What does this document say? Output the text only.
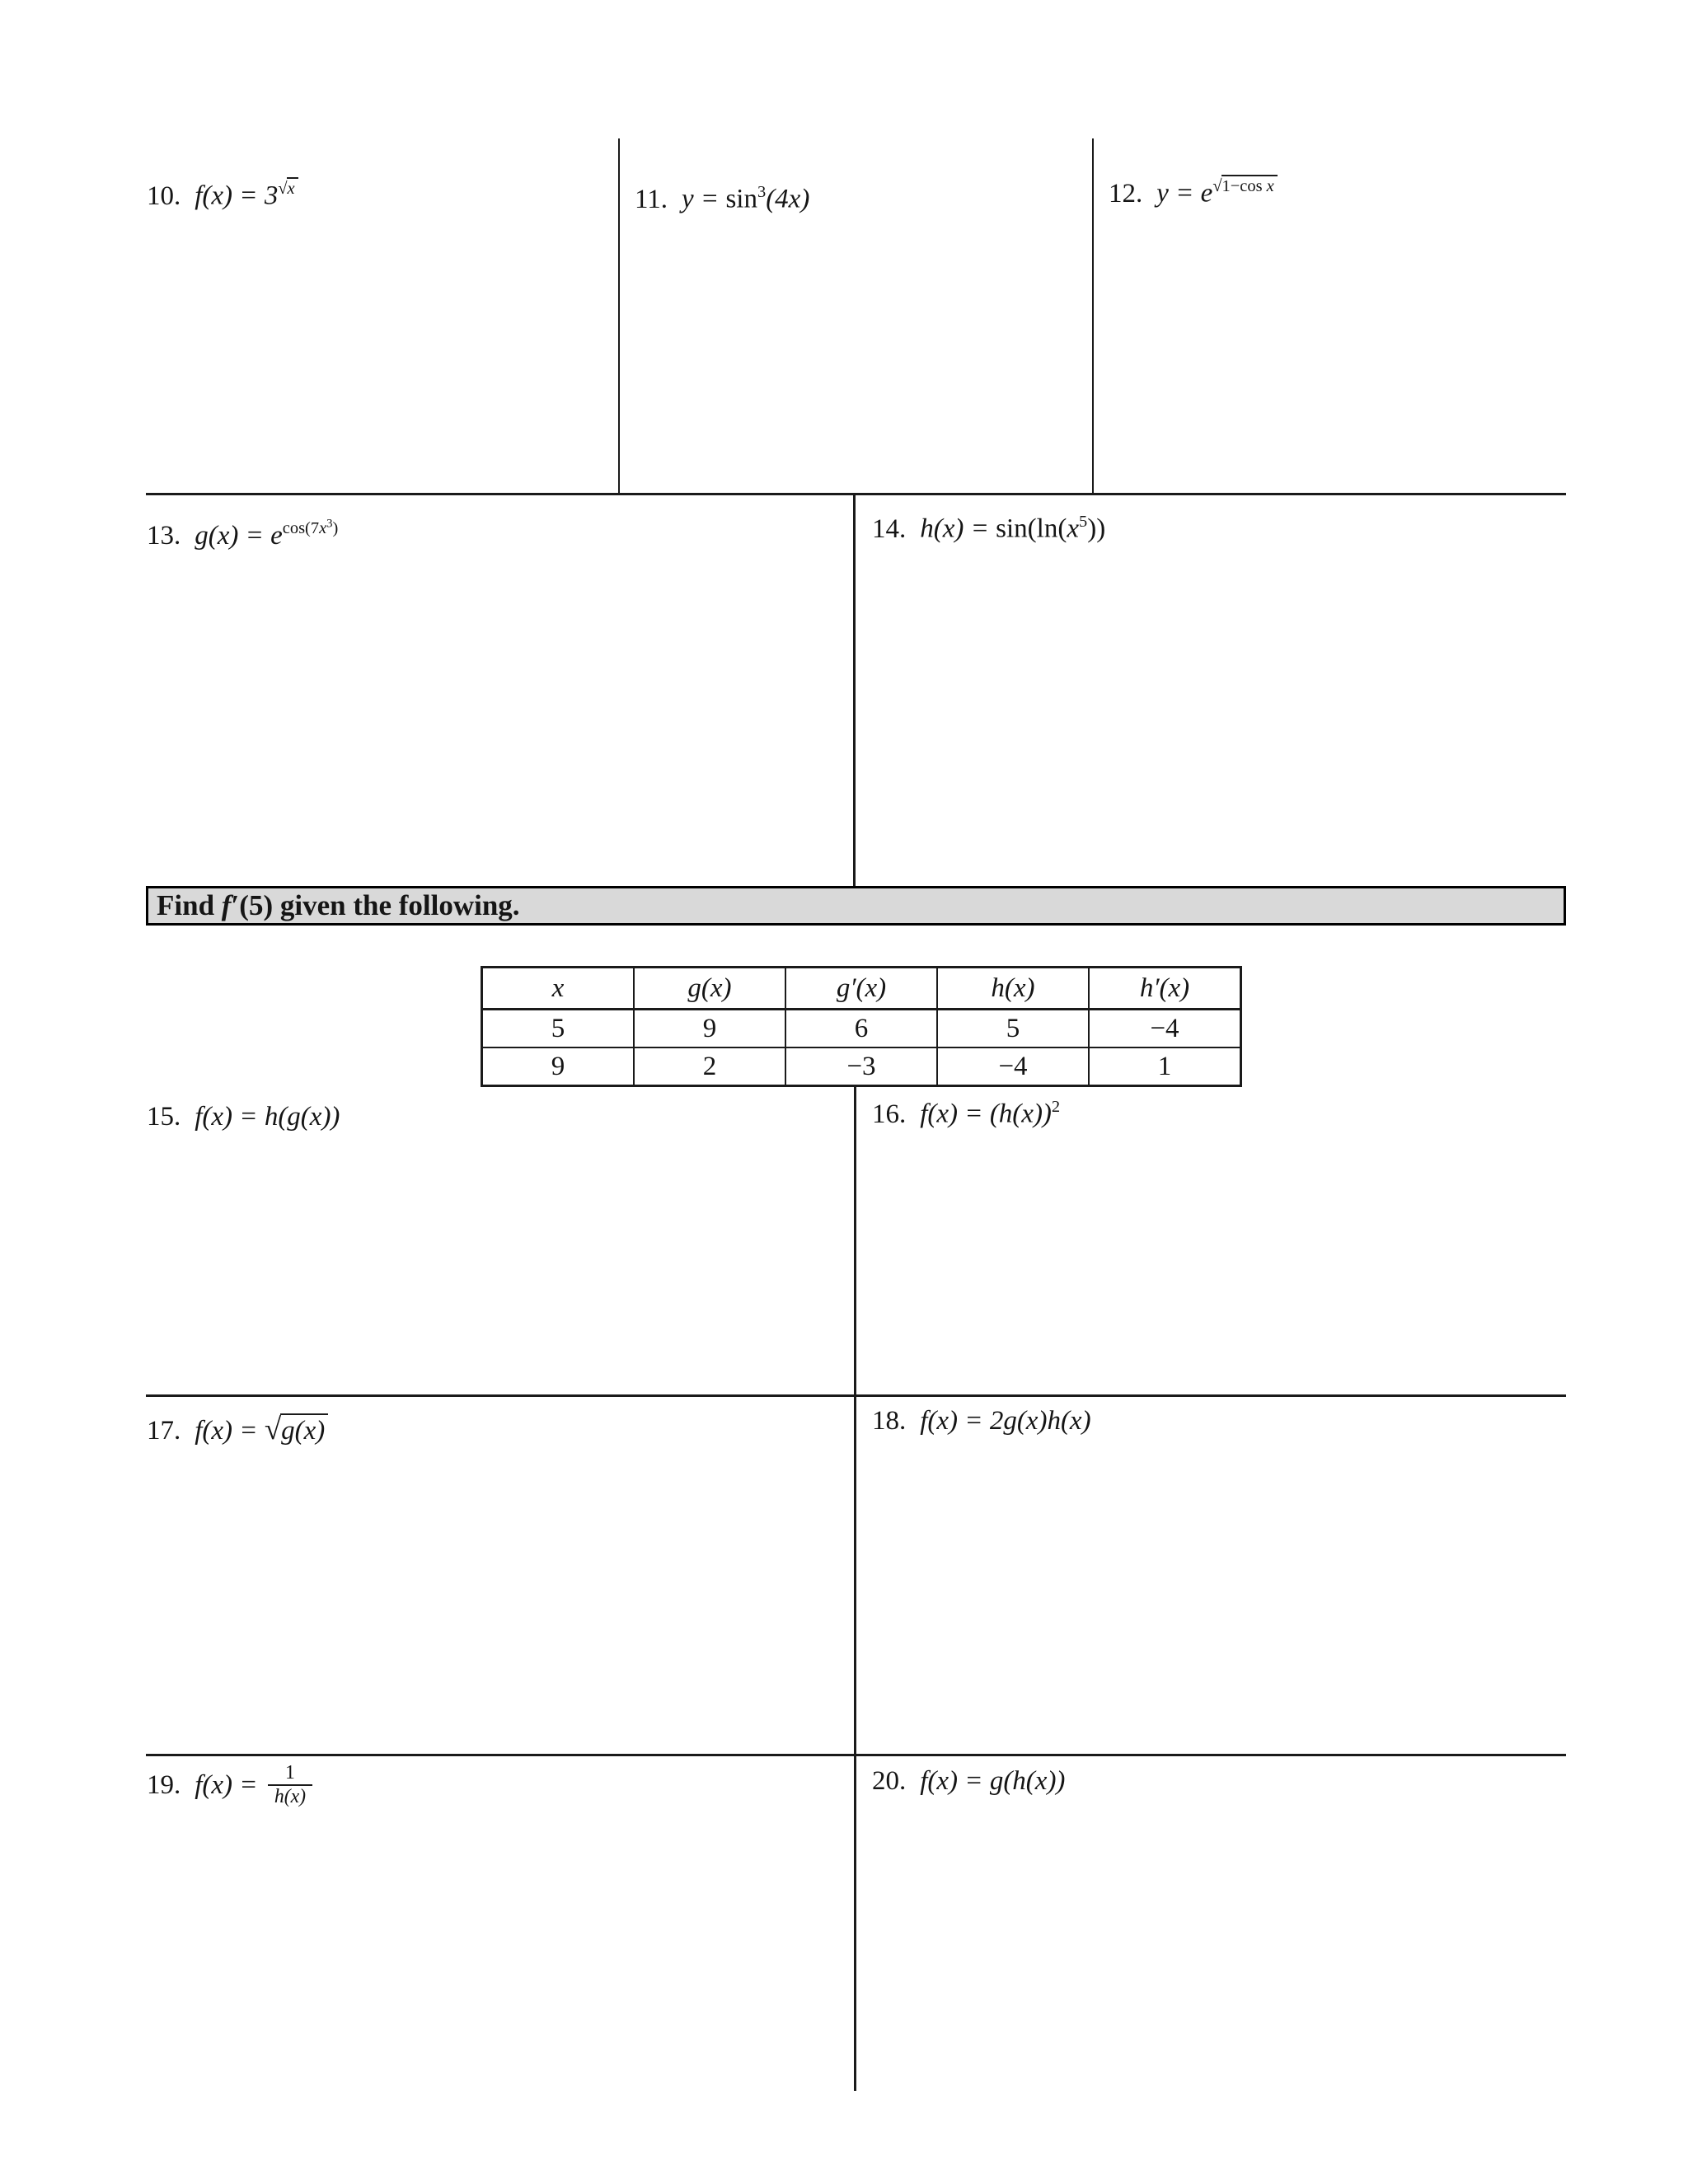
10. $f(x) = 3^{√x}$	11. $y = \sin^3(4x)$	12. $y = e^{√1-cos x}$
13. $g(x) = e^{cos(7x^3)}$	14. $h(x) = \sin(\ln(x^5))$
Find f ′(5) given the following.
x	g(x)	g′(x)	h(x)	h′(x)
5	9	6	5	−4
9	2	−3	−4	1
15. f(x) = h(g(x))	16. $f(x) = (h(x))^2$
17. f(x) = √g(x)	18. f(x) = 2g(x)h(x)
19. $f(x) = \frac{1}{h(x)}$	20. f(x) = g(h(x))
